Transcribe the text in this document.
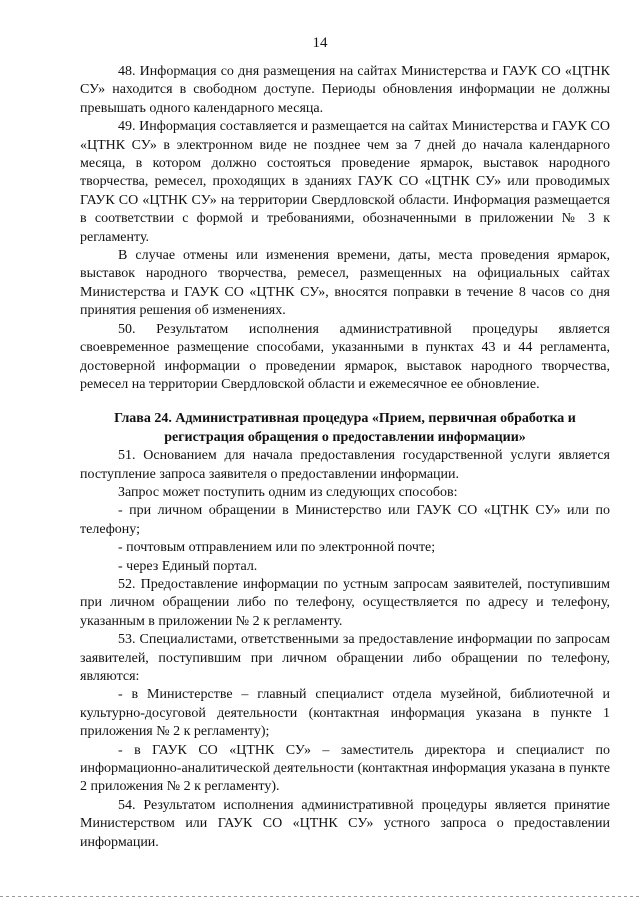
14

48. Информация со дня размещения на сайтах Министерства и ГАУК СО «ЦТНК СУ» находится в свободном доступе. Периоды обновления информации не должны превышать одного календарного месяца.

49. Информация составляется и размещается на сайтах Министерства и ГАУК СО «ЦТНК СУ» в электронном виде не позднее чем за 7 дней до начала календарного месяца, в котором должно состояться проведение ярмарок, выставок народного творчества, ремесел, проходящих в зданиях ГАУК СО «ЦТНК СУ» или проводимых ГАУК СО «ЦТНК СУ» на территории Свердловской области. Информация размещается в соответствии с формой и требованиями, обозначенными в приложении № 3 к регламенту.

В случае отмены или изменения времени, даты, места проведения ярмарок, выставок народного творчества, ремесел, размещенных на официальных сайтах Министерства и ГАУК СО «ЦТНК СУ», вносятся поправки в течение 8 часов со дня принятия решения об изменениях.

50. Результатом исполнения административной процедуры является своевременное размещение способами, указанными в пунктах 43 и 44 регламента, достоверной информации о проведении ярмарок, выставок народного творчества, ремесел на территории Свердловской области и ежемесячное ее обновление.

Глава 24. Административная процедура «Прием, первичная обработка и регистрация обращения о предоставлении информации»

51. Основанием для начала предоставления государственной услуги является поступление запроса заявителя о предоставлении информации.

Запрос может поступить одним из следующих способов:

- при личном обращении в Министерство или ГАУК СО «ЦТНК СУ» или по телефону;

- почтовым отправлением или по электронной почте;

- через Единый портал.

52. Предоставление информации по устным запросам заявителей, поступившим при личном обращении либо по телефону, осуществляется по адресу и телефону, указанным в приложении № 2 к регламенту.

53. Специалистами, ответственными за предоставление информации по запросам заявителей, поступившим при личном обращении либо обращении по телефону, являются:

- в Министерстве – главный специалист отдела музейной, библиотечной и культурно-досуговой деятельности (контактная информация указана в пункте 1 приложения № 2 к регламенту);

- в ГАУК СО «ЦТНК СУ» – заместитель директора и специалист по информационно-аналитической деятельности (контактная информация указана в пункте 2 приложения № 2 к регламенту).

54. Результатом исполнения административной процедуры является принятие Министерством или ГАУК СО «ЦТНК СУ» устного запроса о предоставлении информации.
